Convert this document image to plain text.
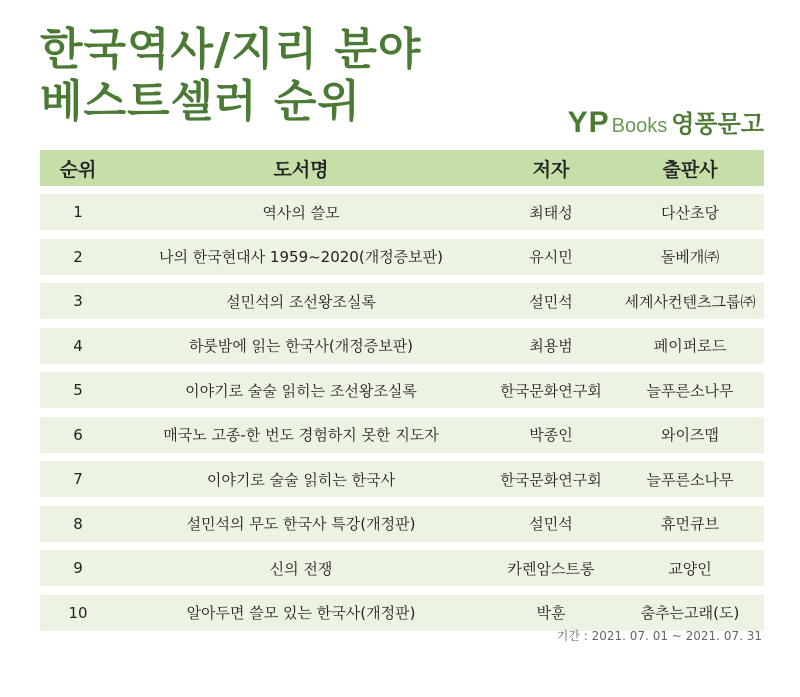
한국역사/지리 분야
베스트셀러 순위	YP Books 영풍문고
순위	도서명	저자	출판사
1	역사의 쓸모	최태성	다산초당
2	나의 한국현대사 1959~2020(개정증보판)	유시민	돌베개㈜
3	설민석의 조선왕조실록	설민석	세계사컨텐츠그룹㈜
4	하룻밤에 읽는 한국사(개정증보판)	최용범	페이퍼로드
5	이야기로 술술 읽히는 조선왕조실록	한국문화연구회	늘푸른소나무
6	매국노 고종-한 번도 경험하지 못한 지도자	박종인	와이즈맵
7	이야기로 술술 읽히는 한국사	한국문화연구회	늘푸른소나무
8	설민석의 무도 한국사 특강(개정판)	설민석	휴먼큐브
9	신의 전쟁	카렌암스트롱	교양인
10	알아두면 쓸모 있는 한국사(개정판)	박훈	춤추는고래(도)
기간 : 2021. 07. 01 ~ 2021. 07. 31
